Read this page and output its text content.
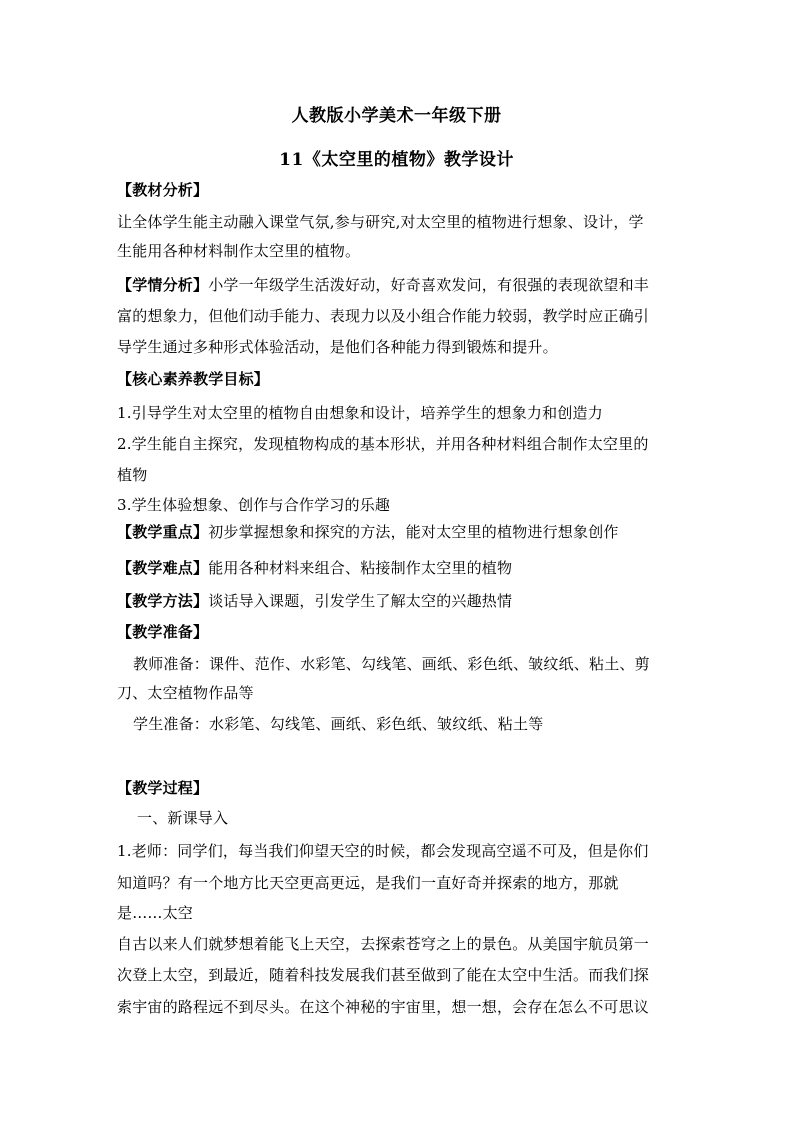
人教版小学美术一年级下册
11《太空里的植物》教学设计
【教材分析】
让全体学生能主动融入课堂气氛,参与研究,对太空里的植物进行想象、设计，学
生能用各种材料制作太空里的植物。
【学情分析】小学一年级学生活泼好动，好奇喜欢发问，有很强的表现欲望和丰
富的想象力，但他们动手能力、表现力以及小组合作能力较弱，教学时应正确引
导学生通过多种形式体验活动，是他们各种能力得到锻炼和提升。
【核心素养教学目标】
1.引导学生对太空里的植物自由想象和设计，培养学生的想象力和创造力
2.学生能自主探究，发现植物构成的基本形状，并用各种材料组合制作太空里的
植物
3.学生体验想象、创作与合作学习的乐趣
【教学重点】初步掌握想象和探究的方法，能对太空里的植物进行想象创作
【教学难点】能用各种材料来组合、粘接制作太空里的植物
【教学方法】谈话导入课题，引发学生了解太空的兴趣热情
【教学准备】
教师准备：课件、范作、水彩笔、勾线笔、画纸、彩色纸、皱纹纸、粘土、剪
刀、太空植物作品等
学生准备：水彩笔、勾线笔、画纸、彩色纸、皱纹纸、粘土等
【教学过程】
一、新课导入
1.老师：同学们，每当我们仰望天空的时候，都会发现高空遥不可及，但是你们
知道吗？有一个地方比天空更高更远，是我们一直好奇并探索的地方，那就
是……太空
自古以来人们就梦想着能飞上天空，去探索苍穹之上的景色。从美国宇航员第一
次登上太空，到最近，随着科技发展我们甚至做到了能在太空中生活。而我们探
索宇宙的路程远不到尽头。在这个神秘的宇宙里，想一想，会存在怎么不可思议
